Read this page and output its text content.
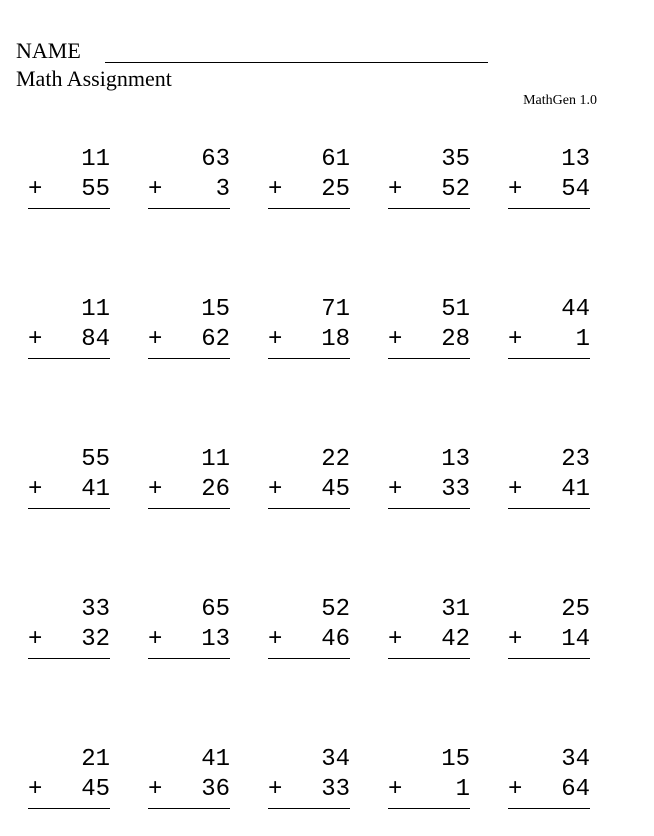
NAME
Math Assignment
MathGen 1.0
11
+ 55
63
+ 3
61
+ 25
35
+ 52
13
+ 54
11
+ 84
15
+ 62
71
+ 18
51
+ 28
44
+ 1
55
+ 41
11
+ 26
22
+ 45
13
+ 33
23
+ 41
33
+ 32
65
+ 13
52
+ 46
31
+ 42
25
+ 14
21
+ 45
41
+ 36
34
+ 33
15
+ 1
34
+ 64
